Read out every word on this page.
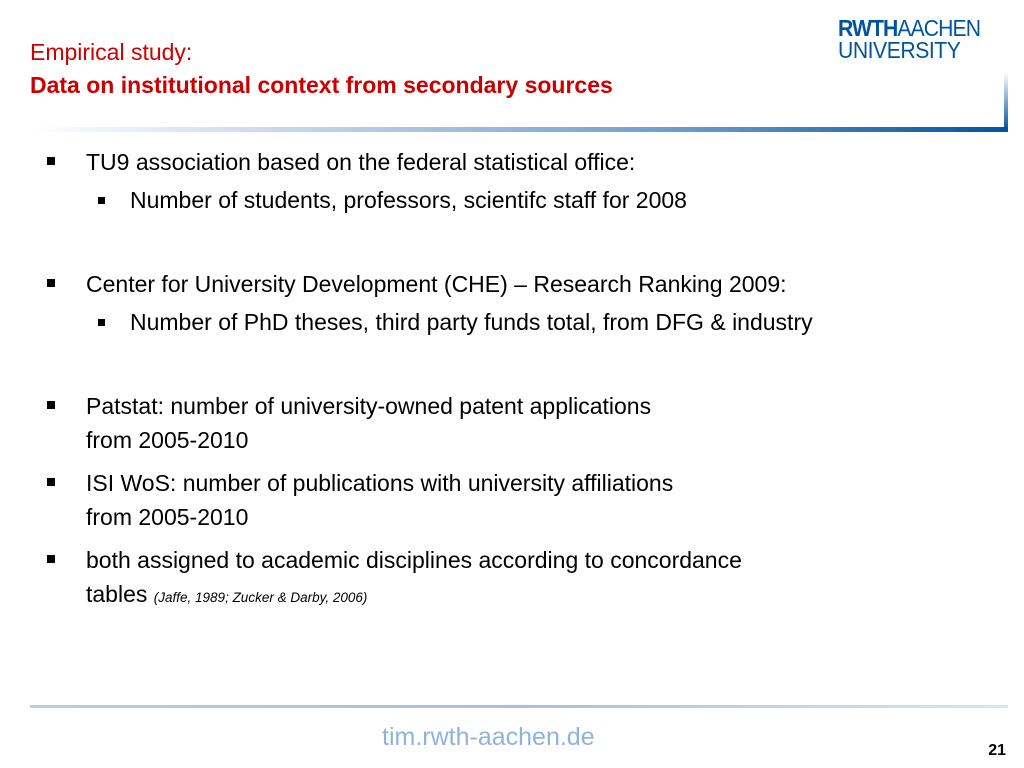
Empirical study:
Data on institutional context from secondary sources
RWTHAACHEN
UNIVERSITY
TU9 association based on the federal statistical office:
Number of students, professors, scientifc staff for 2008
Center for University Development (CHE) – Research Ranking 2009:
Number of PhD theses, third party funds total, from DFG & industry
Patstat: number of university-owned patent applications
from 2005-2010
ISI WoS: number of publications with university affiliations
from 2005-2010
both assigned to academic disciplines according to concordance
tables (Jaffe, 1989; Zucker & Darby, 2006)
tim.rwth-aachen.de	21
